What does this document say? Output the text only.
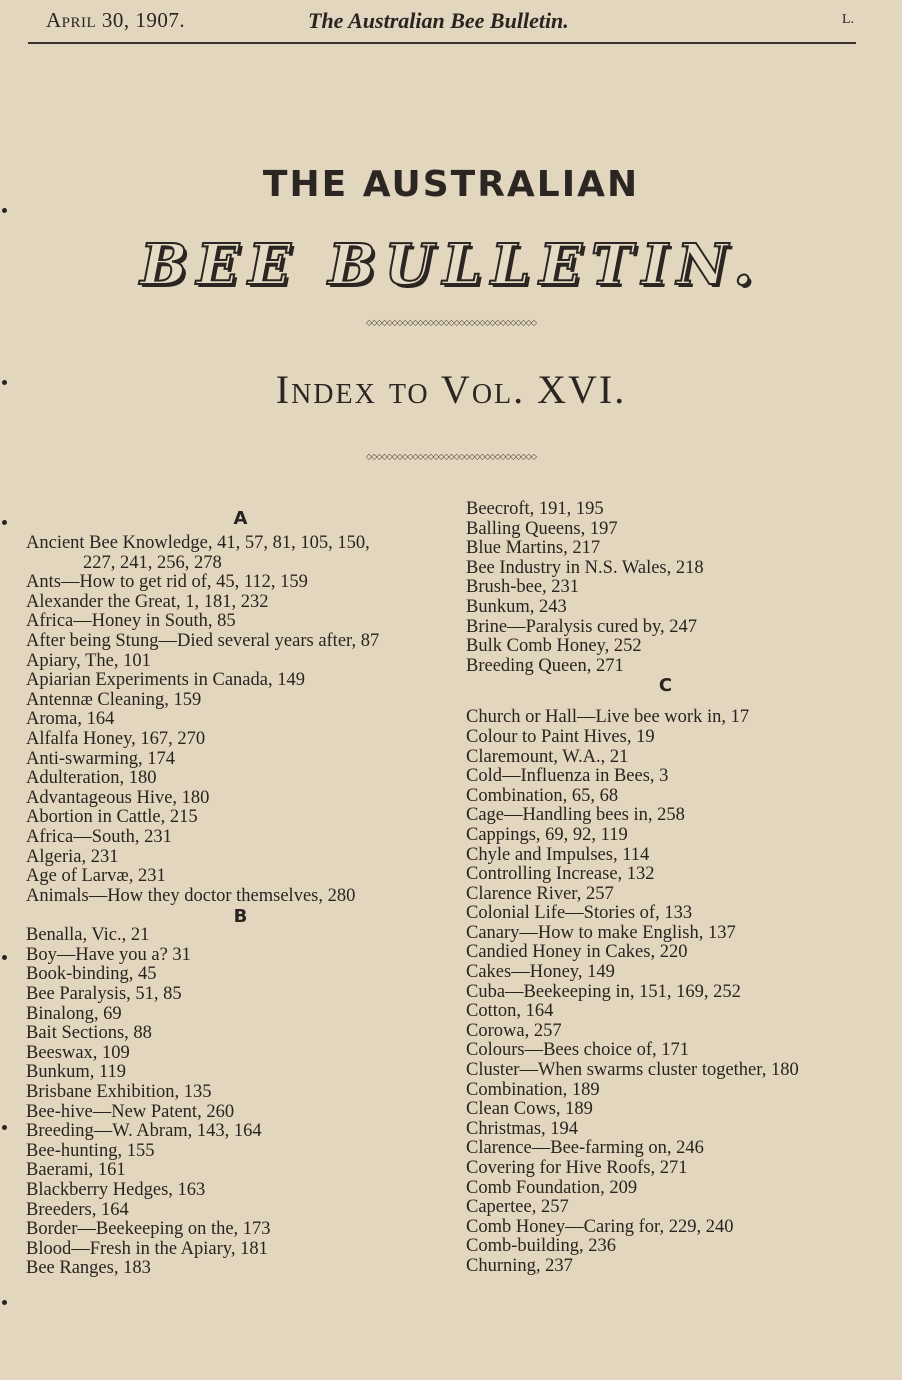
April 30, 1907.	The Australian Bee Bulletin.	L.
THE AUSTRALIAN
BEE BULLETIN.
◇◇◇◇◇◇◇◇◇◇◇◇◇◇◇◇◇◇◇◇◇◇◇◇◇◇◇◇◇◇◇◇◇
Index to Vol. XVI.
◇◇◇◇◇◇◇◇◇◇◇◇◇◇◇◇◇◇◇◇◇◇◇◇◇◇◇◇◇◇◇◇◇
A
Ancient Bee Knowledge, 41, 57, 81, 105, 150,
227, 241, 256, 278
Ants—How to get rid of, 45, 112, 159
Alexander the Great, 1, 181, 232
Africa—Honey in South, 85
After being Stung—Died several years after, 87
Apiary, The, 101
Apiarian Experiments in Canada, 149
Antennæ Cleaning, 159
Aroma, 164
Alfalfa Honey, 167, 270
Anti-swarming, 174
Adulteration, 180
Advantageous Hive, 180
Abortion in Cattle, 215
Africa—South, 231
Algeria, 231
Age of Larvæ, 231
Animals—How they doctor themselves, 280
B
Benalla, Vic., 21
Boy—Have you a? 31
Book-binding, 45
Bee Paralysis, 51, 85
Binalong, 69
Bait Sections, 88
Beeswax, 109
Bunkum, 119
Brisbane Exhibition, 135
Bee-hive—New Patent, 260
Breeding—W. Abram, 143, 164
Bee-hunting, 155
Baerami, 161
Blackberry Hedges, 163
Breeders, 164
Border—Beekeeping on the, 173
Blood—Fresh in the Apiary, 181
Bee Ranges, 183
Beecroft, 191, 195
Balling Queens, 197
Blue Martins, 217
Bee Industry in N.S. Wales, 218
Brush-bee, 231
Bunkum, 243
Brine—Paralysis cured by, 247
Bulk Comb Honey, 252
Breeding Queen, 271
C
Church or Hall—Live bee work in, 17
Colour to Paint Hives, 19
Claremount, W.A., 21
Cold—Influenza in Bees, 3
Combination, 65, 68
Cage—Handling bees in, 258
Cappings, 69, 92, 119
Chyle and Impulses, 114
Controlling Increase, 132
Clarence River, 257
Colonial Life—Stories of, 133
Canary—How to make English, 137
Candied Honey in Cakes, 220
Cakes—Honey, 149
Cuba—Beekeeping in, 151, 169, 252
Cotton, 164
Corowa, 257
Colours—Bees choice of, 171
Cluster—When swarms cluster together, 180
Combination, 189
Clean Cows, 189
Christmas, 194
Clarence—Bee-farming on, 246
Covering for Hive Roofs, 271
Comb Foundation, 209
Capertee, 257
Comb Honey—Caring for, 229, 240
Comb-building, 236
Churning, 237
